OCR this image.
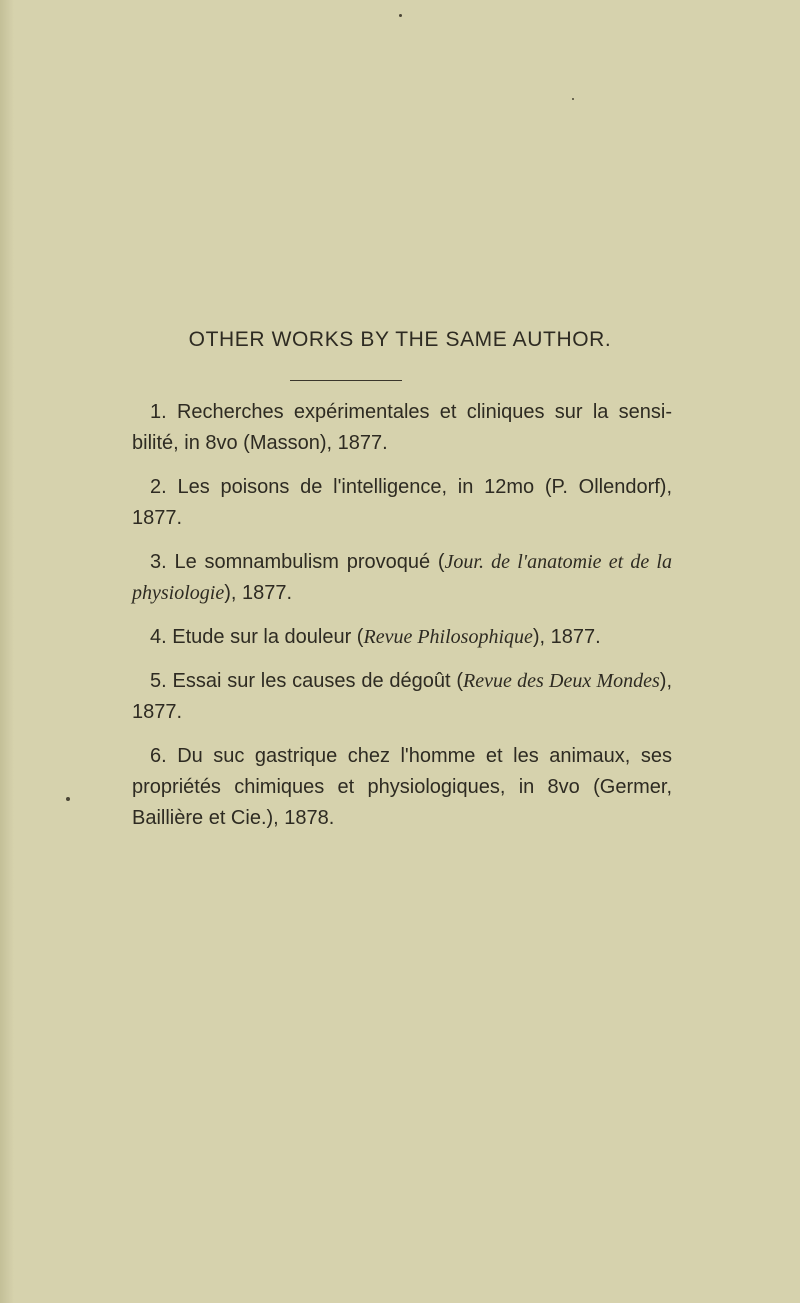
OTHER WORKS BY THE SAME AUTHOR.

1. Recherches expérimentales et cliniques sur la sensi-bilité, in 8vo (Masson), 1877.

2. Les poisons de l'intelligence, in 12mo (P. Ollendorf), 1877.

3. Le somnambulism provoqué (Jour. de l'anatomie et de la physiologie), 1877.

4. Etude sur la douleur (Revue Philosophique), 1877.

5. Essai sur les causes de dégoût (Revue des Deux Mondes), 1877.

6. Du suc gastrique chez l'homme et les animaux, ses propriétés chimiques et physiologiques, in 8vo (Germer, Baillière et Cie.), 1878.
